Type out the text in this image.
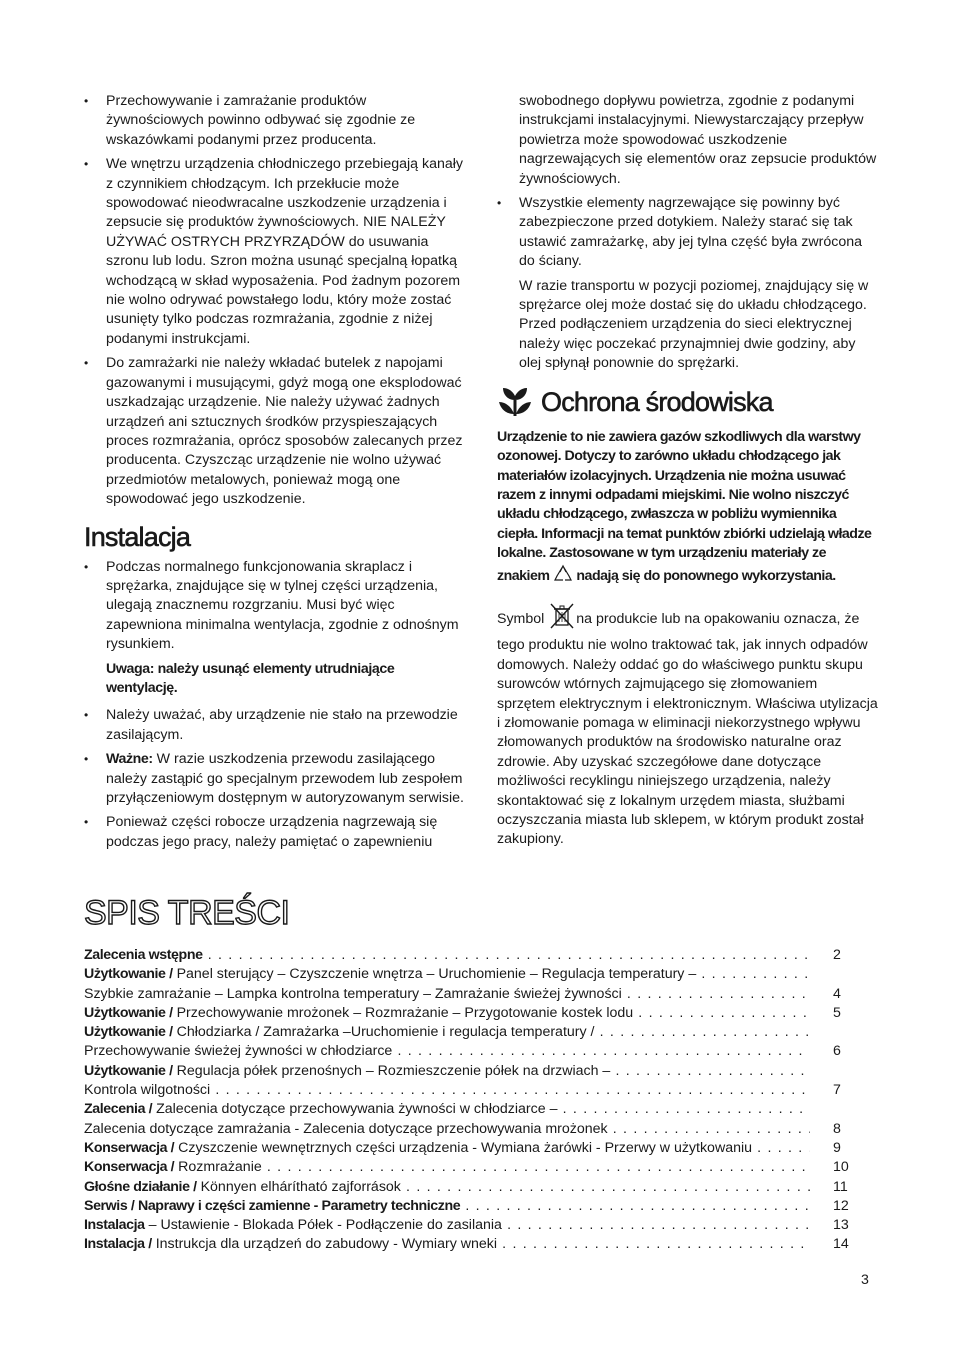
• Przechowywanie i zamrażanie produktów żywnościowych powinno odbywać się zgodnie ze wskazówkami podanymi przez producenta.
• We wnętrzu urządzenia chłodniczego przebiegają kanały z czynnikiem chłodzącym. Ich przekłucie może spowodować nieodwracalne uszkodzenie urządzenia i zepsucie się produktów żywnościowych. NIE NALEŻY UŻYWAĆ OSTRYCH PRZYRZĄDÓW do usuwania szronu lub lodu. Szron można usunąć specjalną łopatką wchodzącą w skład wyposażenia. Pod żadnym pozorem nie wolno odrywać powstałego lodu, który może zostać usunięty tylko podczas rozmrażania, zgodnie z niżej podanymi instrukcjami.
• Do zamrażarki nie należy wkładać butelek z napojami gazowanymi i musującymi, gdyż mogą one eksplodować uszkadzając urządzenie. Nie należy używać żadnych urządzeń ani sztucznych środków przyspieszających proces rozmrażania, oprócz sposobów zalecanych przez producenta. Czyszcząc urządzenie nie wolno używać przedmiotów metalowych, ponieważ mogą one spowodować jego uszkodzenie.
Instalacja
• Podczas normalnego funkcjonowania skraplacz i sprężarka, znajdujące się w tylnej części urządzenia, ulegają znacznemu rozgrzaniu. Musi być więc zapewniona minimalna wentylacja, zgodnie z odnośnym rysunkiem.
Uwaga: należy usunąć elementy utrudniające wentylację.
• Należy uważać, aby urządzenie nie stało na przewodzie zasilającym.
• Ważne: W razie uszkodzenia przewodu zasilającego należy zastąpić go specjalnym przewodem lub zespołem przyłączeniowym dostępnym w autoryzowanym serwisie.
• Ponieważ części robocze urządzenia nagrzewają się podczas jego pracy, należy pamiętać o zapewnieniu
swobodnego dopływu powietrza, zgodnie z podanymi instrukcjami instalacyjnymi. Niewystarczający przepływ powietrza może spowodować uszkodzenie nagrzewających się elementów oraz zepsucie produktów żywnościowych.
• Wszystkie elementy nagrzewające się powinny być zabezpieczone przed dotykiem. Należy starać się tak ustawić zamrażarkę, aby jej tylna część była zwrócona do ściany.
W razie transportu w pozycji poziomej, znajdujący się w sprężarce olej może dostać się do układu chłodzącego. Przed podłączeniem urządzenia do sieci elektrycznej należy więc poczekać przynajmniej dwie godziny, aby olej spłynął ponownie do sprężarki.
Ochrona środowiska
Urządzenie to nie zawiera gazów szkodliwych dla warstwy ozonowej. Dotyczy to zarówno układu chłodzącego jak materiałów izolacyjnych. Urządzenia nie można usuwać razem z innymi odpadami miejskimi. Nie wolno niszczyć układu chłodzącego, zwłaszcza w pobliżu wymiennika ciepła. Informacji na temat punktów zbiórki udzielają władze lokalne. Zastosowane w tym urządzeniu materiały ze znakiem  nadają się do ponownego wykorzystania.
Symbol na produkcie lub na opakowaniu oznacza, że tego produktu nie wolno traktować tak, jak innych odpadów domowych. Należy oddać go do właściwego punktu skupu surowców wtórnych zajmującego się złomowaniem sprzętem elektrycznym i elektronicznym. Właściwa utylizacja i złomowanie pomaga w eliminacji niekorzystnego wpływu złomowanych produktów na środowisko naturalne oraz zdrowie. Aby uzyskać szczegółowe dane dotyczące możliwości recyklingu niniejszego urządzenia, należy skontaktować się z lokalnym urzędem miasta, służbami oczyszczania miasta lub sklepem, w którym produkt został zakupiony.
SPIS TREŚCI
Zalecenia wstępne . . .	2
Użytkowanie / Panel sterujący – Czyszczenie wnętrza – Uruchomienie – Regulacja temperatury – . . .
Szybkie zamrażanie – Lampka kontrolna temperatury – Zamrażanie świeżej żywności . . .	4
Użytkowanie / Przechowywanie mrożonek – Rozmrażanie – Przygotowanie kostek lodu . . .	5
Użytkowanie / Chłodziarka / Zamrażarka –Uruchomienie i regulacja temperatury / . . .
Przechowywanie świeżej żywności w chłodziarce . . .	6
Użytkowanie / Regulacja półek przenośnych – Rozmieszczenie półek na drzwiach – . . .
Kontrola wilgotności . . .	7
Zalecenia / Zalecenia dotyczące przechowywania żywności w chłodziarce – . . .
Zalecenia dotyczące zamrażania - Zalecenia dotyczące przechowywania mrożonek . . .	8
Konserwacja / Czyszczenie wewnętrznych części urządzenia - Wymiana żarówki - Przerwy w użytkowaniu . . .	9
Konserwacja / Rozmrażanie . . .	10
Głośne działanie / Könnyen elhárítható zajforrások . . .	11
Serwis / Naprawy i części zamienne - Parametry techniczne . . .	12
Instalacja – Ustawienie - Blokada Półek - Podłączenie do zasilania . . .	13
Instalacja / Instrukcja dla urządzeń do zabudowy - Wymiary wneki . . .	14
3
